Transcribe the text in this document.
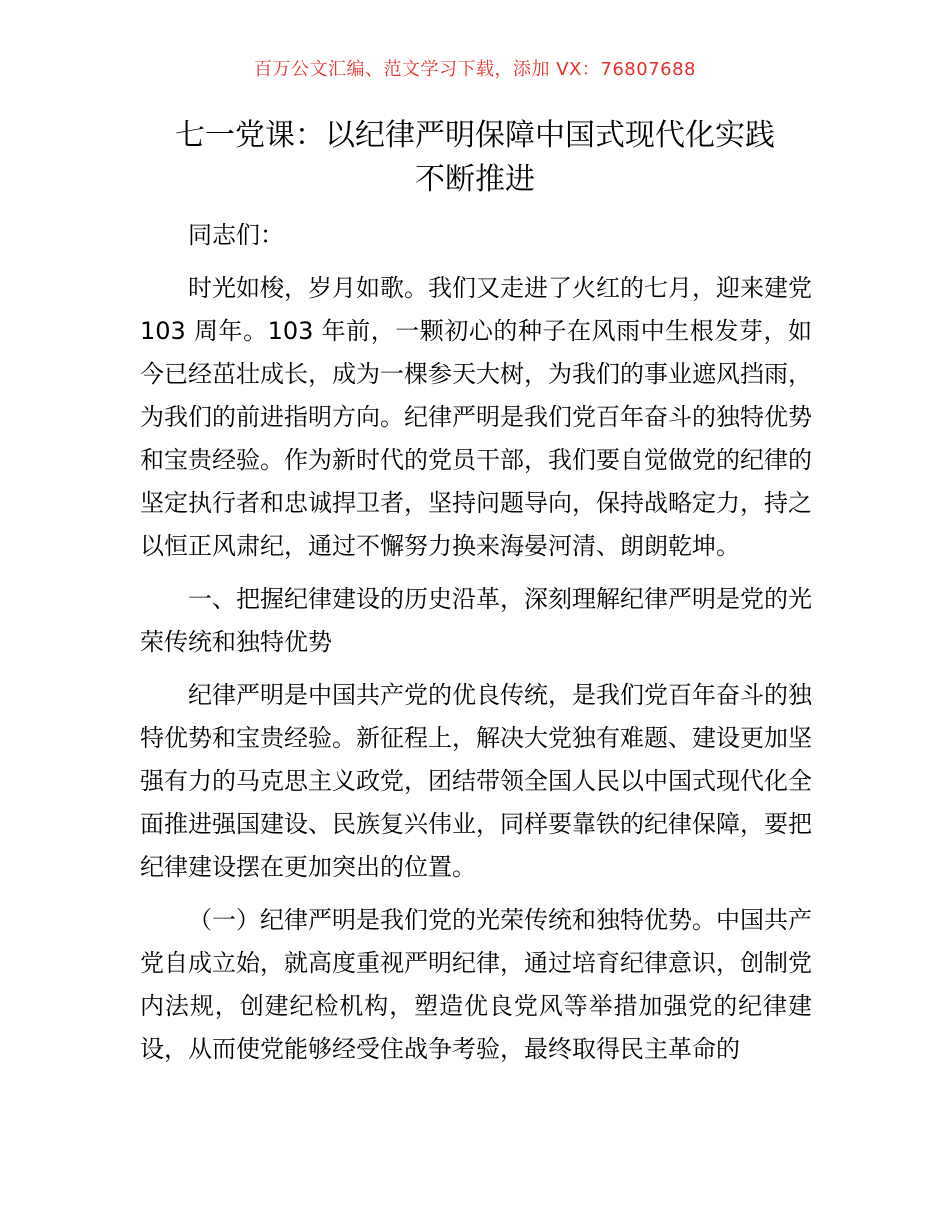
百万公文汇编、范文学习下载，添加 VX：76807688
七一党课：以纪律严明保障中国式现代化实践
不断推进

同志们：

时光如梭，岁月如歌。我们又走进了火红的七月，迎来建党 103 周年。103 年前，一颗初心的种子在风雨中生根发芽，如今已经茁壮成长，成为一棵参天大树，为我们的事业遮风挡雨，为我们的前进指明方向。纪律严明是我们党百年奋斗的独特优势和宝贵经验。作为新时代的党员干部，我们要自觉做党的纪律的坚定执行者和忠诚捍卫者，坚持问题导向，保持战略定力，持之以恒正风肃纪，通过不懈努力换来海晏河清、朗朗乾坤。

一、把握纪律建设的历史沿革，深刻理解纪律严明是党的光荣传统和独特优势

纪律严明是中国共产党的优良传统，是我们党百年奋斗的独特优势和宝贵经验。新征程上，解决大党独有难题、建设更加坚强有力的马克思主义政党，团结带领全国人民以中国式现代化全面推进强国建设、民族复兴伟业，同样要靠铁的纪律保障，要把纪律建设摆在更加突出的位置。

（一）纪律严明是我们党的光荣传统和独特优势。中国共产党自成立始，就高度重视严明纪律，通过培育纪律意识，创制党内法规，创建纪检机构，塑造优良党风等举措加强党的纪律建设，从而使党能够经受住战争考验，最终取得民主革命的
